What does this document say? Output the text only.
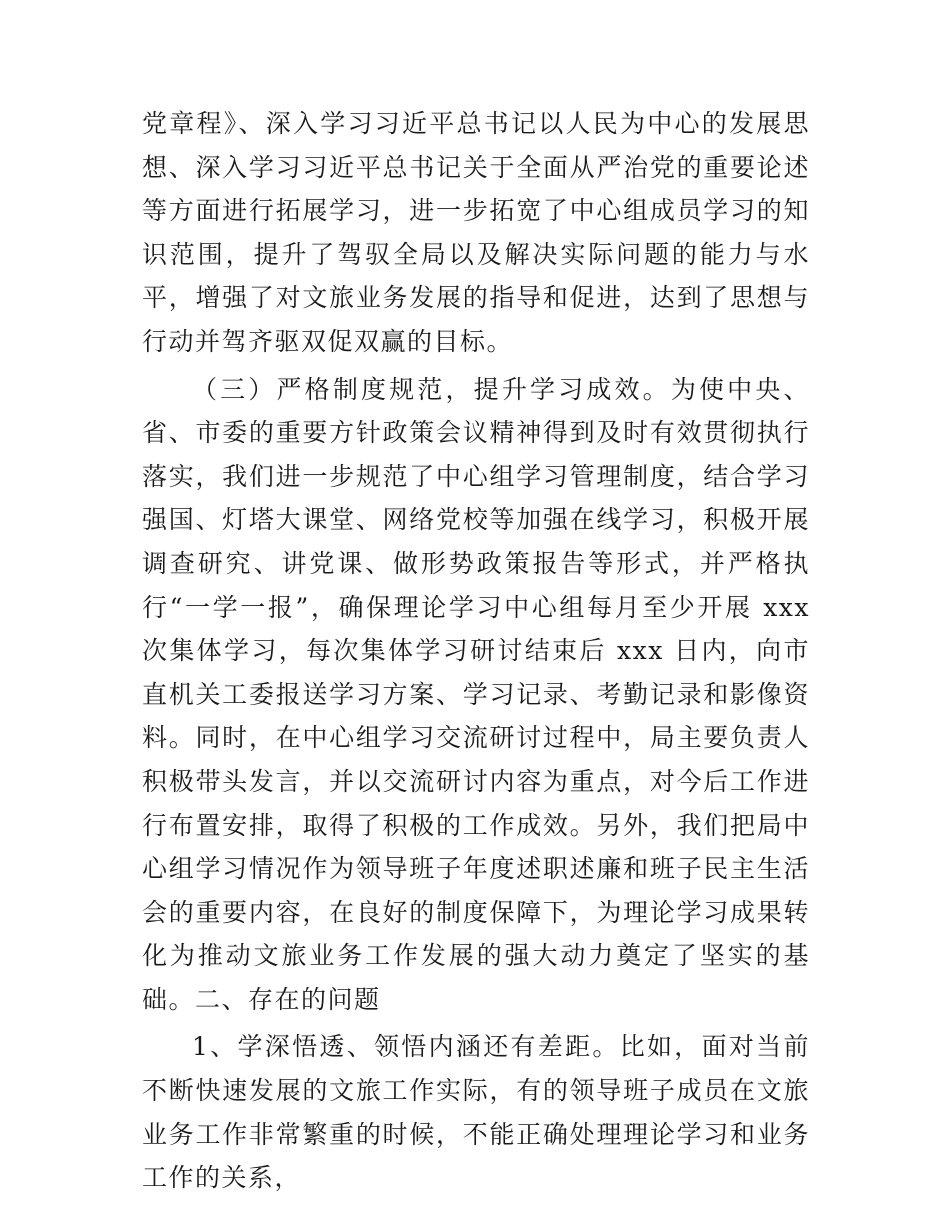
党章程》、深入学习习近平总书记以人民为中心的发展思想、深入学习习近平总书记关于全面从严治党的重要论述等方面进行拓展学习，进一步拓宽了中心组成员学习的知识范围，提升了驾驭全局以及解决实际问题的能力与水平，增强了对文旅业务发展的指导和促进，达到了思想与行动并驾齐驱双促双赢的目标。

（三）严格制度规范，提升学习成效。为使中央、省、市委的重要方针政策会议精神得到及时有效贯彻执行落实，我们进一步规范了中心组学习管理制度，结合学习强国、灯塔大课堂、网络党校等加强在线学习，积极开展调查研究、讲党课、做形势政策报告等形式，并严格执行“一学一报”，确保理论学习中心组每月至少开展 xxx 次集体学习，每次集体学习研讨结束后 xxx 日内，向市直机关工委报送学习方案、学习记录、考勤记录和影像资料。同时，在中心组学习交流研讨过程中，局主要负责人积极带头发言，并以交流研讨内容为重点，对今后工作进行布置安排，取得了积极的工作成效。另外，我们把局中心组学习情况作为领导班子年度述职述廉和班子民主生活会的重要内容，在良好的制度保障下，为理论学习成果转化为推动文旅业务工作发展的强大动力奠定了坚实的基础。二、存在的问题

1、学深悟透、领悟内涵还有差距。比如，面对当前不断快速发展的文旅工作实际，有的领导班子成员在文旅业务工作非常繁重的时候，不能正确处理理论学习和业务工作的关系，
